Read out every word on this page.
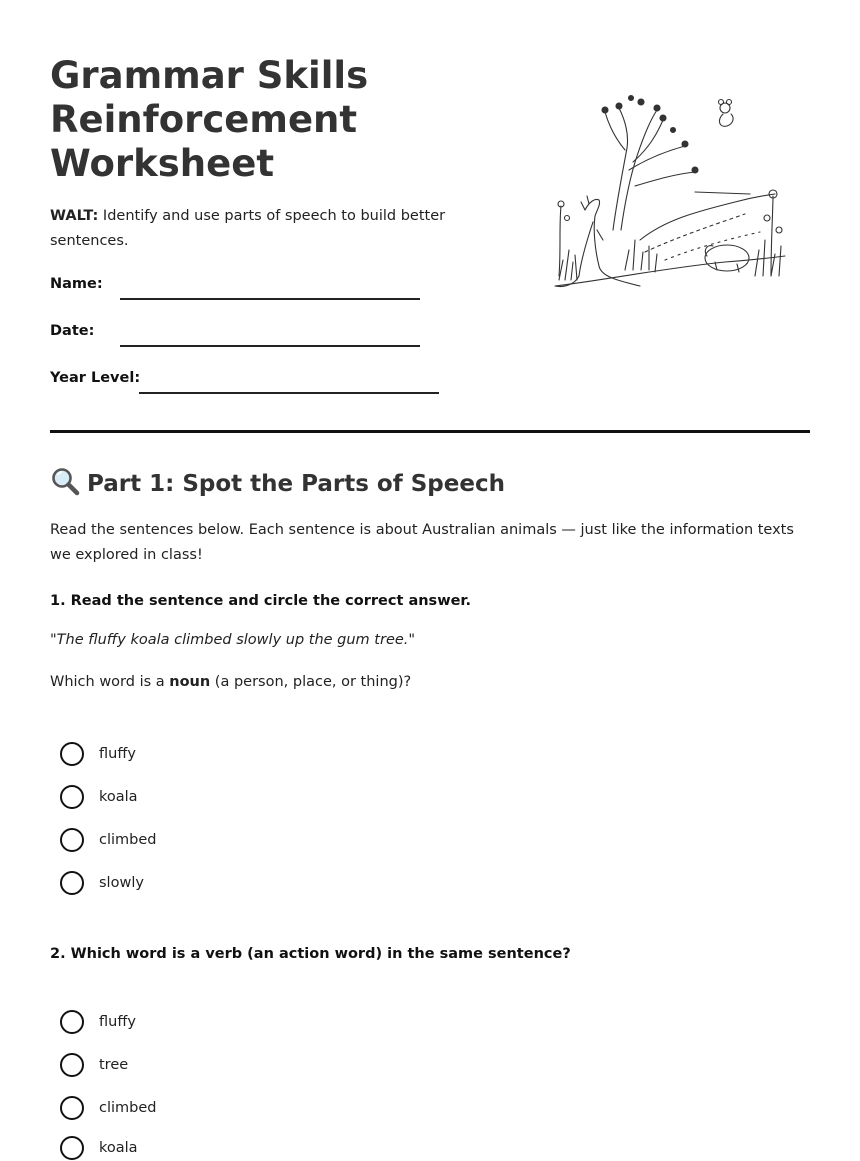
Grammar Skills
Reinforcement
Worksheet

WALT: Identify and use parts of speech to build better sentences.

Name:
Date:
Year Level:
Part 1: Spot the Parts of Speech

Read the sentences below. Each sentence is about Australian animals — just like the information texts we explored in class!

1. Read the sentence and circle the correct answer.

"The fluffy koala climbed slowly up the gum tree."

Which word is a noun (a person, place, or thing)?

fluffy
koala
climbed
slowly

2. Which word is a verb (an action word) in the same sentence?

fluffy
tree
climbed
koala
